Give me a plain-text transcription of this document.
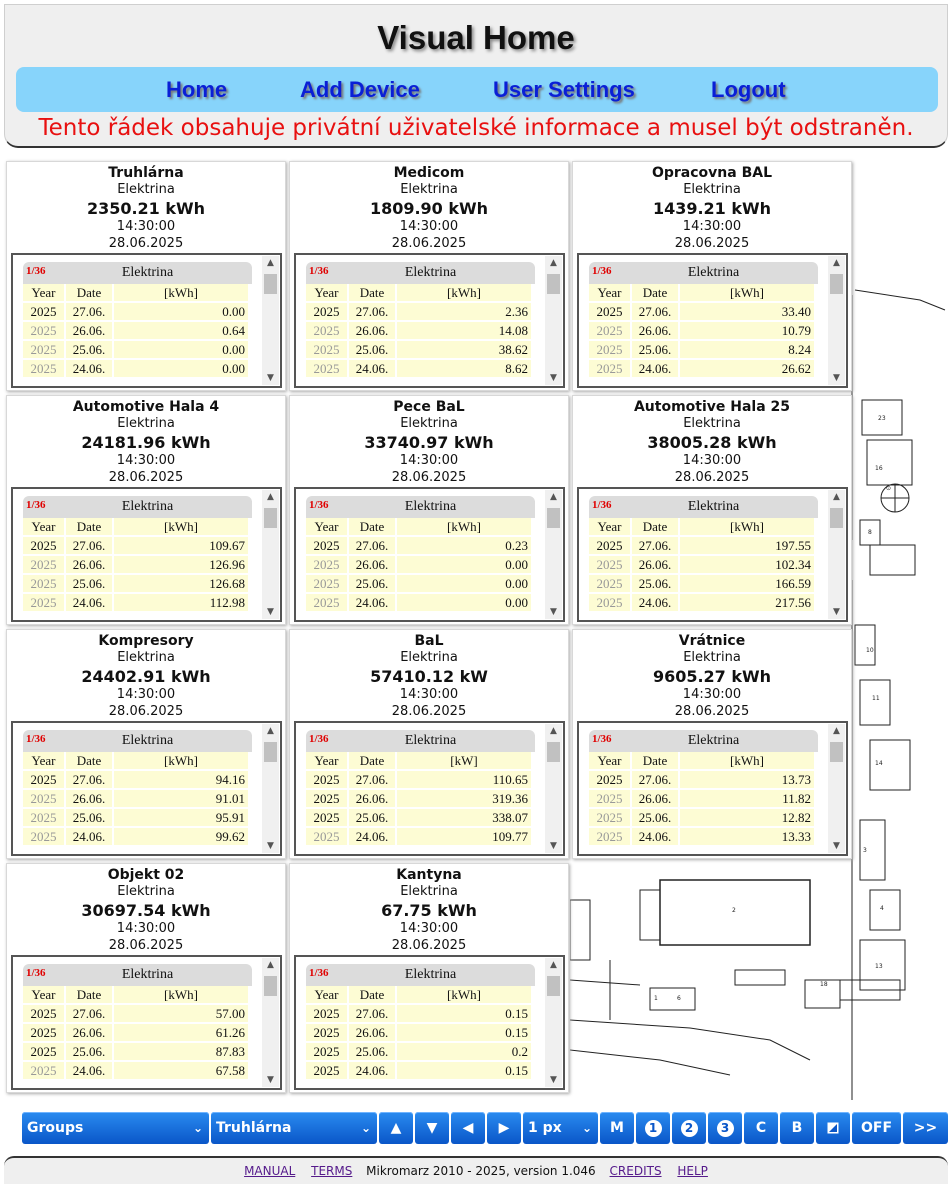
Visual Home
Home	Add Device	User Settings	Logout
Tento řádek obsahuje privátní uživatelské informace a musel být odstraněn.
⊙
16
23
8
10
11
14
3
4
13
2
1	6
18
Truhlárna
Elektrina
2350.21 kWh
14:30:00
28.06.2025
1/36	Elektrina
Year	Date	[kWh]
2025	27.06.	0.00
2025	26.06.	0.64
2025	25.06.	0.00
2025	24.06.	0.00
▲
▼
Medicom
Elektrina
1809.90 kWh
14:30:00
28.06.2025
1/36	Elektrina
Year	Date	[kWh]
2025	27.06.	2.36
2025	26.06.	14.08
2025	25.06.	38.62
2025	24.06.	8.62
▲
▼
Opracovna BAL
Elektrina
1439.21 kWh
14:30:00
28.06.2025
1/36	Elektrina
Year	Date	[kWh]
2025	27.06.	33.40
2025	26.06.	10.79
2025	25.06.	8.24
2025	24.06.	26.62
▲
▼
Automotive Hala 4
Elektrina
24181.96 kWh
14:30:00
28.06.2025
1/36	Elektrina
Year	Date	[kWh]
2025	27.06.	109.67
2025	26.06.	126.96
2025	25.06.	126.68
2025	24.06.	112.98
▲
▼
Pece BaL
Elektrina
33740.97 kWh
14:30:00
28.06.2025
1/36	Elektrina
Year	Date	[kWh]
2025	27.06.	0.23
2025	26.06.	0.00
2025	25.06.	0.00
2025	24.06.	0.00
▲
▼
Automotive Hala 25
Elektrina
38005.28 kWh
14:30:00
28.06.2025
1/36	Elektrina
Year	Date	[kWh]
2025	27.06.	197.55
2025	26.06.	102.34
2025	25.06.	166.59
2025	24.06.	217.56
▲
▼
Kompresory
Elektrina
24402.91 kWh
14:30:00
28.06.2025
1/36	Elektrina
Year	Date	[kWh]
2025	27.06.	94.16
2025	26.06.	91.01
2025	25.06.	95.91
2025	24.06.	99.62
▲
▼
BaL
Elektrina
57410.12 kW
14:30:00
28.06.2025
1/36	Elektrina
Year	Date	[kW]
2025	27.06.	110.65
2025	26.06.	319.36
2025	25.06.	338.07
2025	24.06.	109.77
▲
▼
Vrátnice
Elektrina
9605.27 kWh
14:30:00
28.06.2025
1/36	Elektrina
Year	Date	[kWh]
2025	27.06.	13.73
2025	26.06.	11.82
2025	25.06.	12.82
2025	24.06.	13.33
▲
▼
Objekt 02
Elektrina
30697.54 kWh
14:30:00
28.06.2025
1/36	Elektrina
Year	Date	[kWh]
2025	27.06.	57.00
2025	26.06.	61.26
2025	25.06.	87.83
2025	24.06.	67.58
▲
▼
Kantyna
Elektrina
67.75 kWh
14:30:00
28.06.2025
1/36	Elektrina
Year	Date	[kWh]
2025	27.06.	0.15
2025	26.06.	0.15
2025	25.06.	0.2
2025	24.06.	0.15
▲
▼
Groups	⌄ Truhlárna	⌄	▲	▼	◀	▶	1 px ⌄	M	1	2	3	C	B	OFF	>>
MANUAL TERMS Mikromarz 2010 - 2025, version 1.046 CREDITS HELP
